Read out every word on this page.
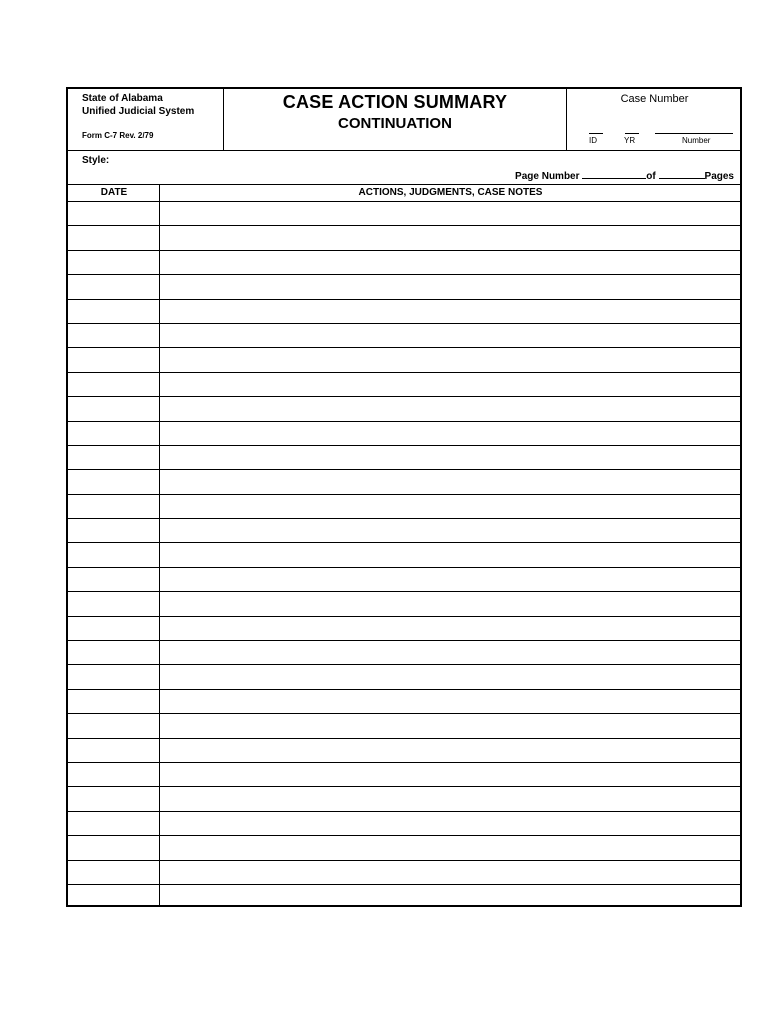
State of Alabama
Unified Judicial System
Form C-7 Rev. 2/79
CASE ACTION SUMMARY
CONTINUATION
Case Number
ID	YR	Number
Style:
Page Number	of	Pages
DATE	ACTIONS, JUDGMENTS, CASE NOTES
